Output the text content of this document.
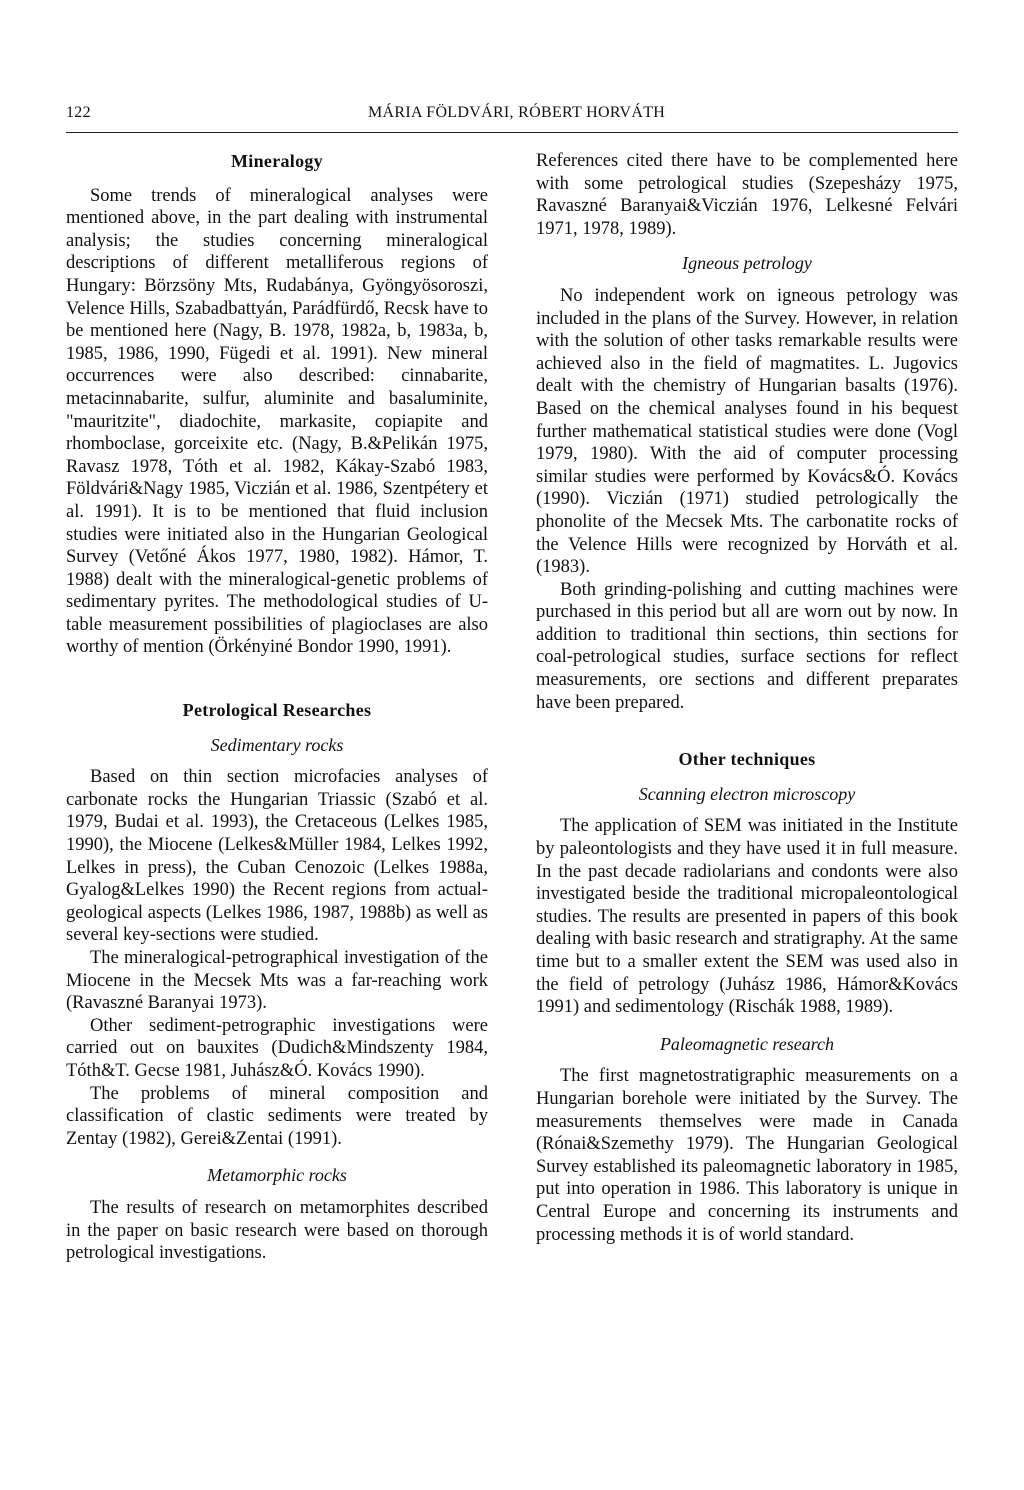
122	MÁRIA FÖLDVÁRI, RÓBERT HORVÁTH
Mineralogy

Some trends of mineralogical analyses were mentioned above, in the part dealing with instrumental analysis; the studies concerning mineralogical descriptions of different metalliferous regions of Hungary: Börzsöny Mts, Rudabánya, Gyöngyösoroszi, Velence Hills, Szabadbattyán, Parádfürdő, Recsk have to be mentioned here (Nagy, B. 1978, 1982a, b, 1983a, b, 1985, 1986, 1990, Fügedi et al. 1991). New mineral occurrences were also described: cinnabarite, metacinnabarite, sulfur, aluminite and basaluminite, "mauritzite", diadochite, markasite, copiapite and rhomboclase, gorceixite etc. (Nagy, B.&Pelikán 1975, Ravasz 1978, Tóth et al. 1982, Kákay-Szabó 1983, Földvári&Nagy 1985, Viczián et al. 1986, Szentpétery et al. 1991). It is to be mentioned that fluid inclusion studies were initiated also in the Hungarian Geological Survey (Vetőné Ákos 1977, 1980, 1982). Hámor, T. 1988) dealt with the mineralogical-genetic problems of sedimentary pyrites. The methodological studies of U-table measurement possibilities of plagioclases are also worthy of mention (Örkényiné Bondor 1990, 1991).

Petrological Researches
Sedimentary rocks

Based on thin section microfacies analyses of carbonate rocks the Hungarian Triassic (Szabó et al. 1979, Budai et al. 1993), the Cretaceous (Lelkes 1985, 1990), the Miocene (Lelkes&Müller 1984, Lelkes 1992, Lelkes in press), the Cuban Cenozoic (Lelkes 1988a, Gyalog&Lelkes 1990) the Recent regions from actual-geological aspects (Lelkes 1986, 1987, 1988b) as well as several key-sections were studied.

The mineralogical-petrographical investigation of the Miocene in the Mecsek Mts was a far-reaching work (Ravaszné Baranyai 1973).

Other sediment-petrographic investigations were carried out on bauxites (Dudich&Mindszenty 1984, Tóth&T. Gecse 1981, Juhász&Ó. Kovács 1990).

The problems of mineral composition and classification of clastic sediments were treated by Zentay (1982), Gerei&Zentai (1991).

Metamorphic rocks

The results of research on metamorphites described in the paper on basic research were based on thorough petrological investigations.

References cited there have to be complemented here with some petrological studies (Szepesházy 1975, Ravaszné Baranyai&Viczián 1976, Lelkesné Felvári 1971, 1978, 1989).

Igneous petrology

No independent work on igneous petrology was included in the plans of the Survey. However, in relation with the solution of other tasks remarkable results were achieved also in the field of magmatites. L. Jugovics dealt with the chemistry of Hungarian basalts (1976). Based on the chemical analyses found in his bequest further mathematical statistical studies were done (Vogl 1979, 1980). With the aid of computer processing similar studies were performed by Kovács&Ó. Kovács (1990). Viczián (1971) studied petrologically the phonolite of the Mecsek Mts. The carbonatite rocks of the Velence Hills were recognized by Horváth et al. (1983).

Both grinding-polishing and cutting machines were purchased in this period but all are worn out by now. In addition to traditional thin sections, thin sections for coal-petrological studies, surface sections for reflect measurements, ore sections and different preparates have been prepared.

Other techniques
Scanning electron microscopy

The application of SEM was initiated in the Institute by paleontologists and they have used it in full measure. In the past decade radiolarians and condonts were also investigated beside the traditional micropaleontological studies. The results are presented in papers of this book dealing with basic research and stratigraphy. At the same time but to a smaller extent the SEM was used also in the field of petrology (Juhász 1986, Hámor&Kovács 1991) and sedimentology (Rischák 1988, 1989).

Paleomagnetic research

The first magnetostratigraphic measurements on a Hungarian borehole were initiated by the Survey. The measurements themselves were made in Canada (Rónai&Szemethy 1979). The Hungarian Geological Survey established its paleomagnetic laboratory in 1985, put into operation in 1986. This laboratory is unique in Central Europe and concerning its instruments and processing methods it is of world standard.
